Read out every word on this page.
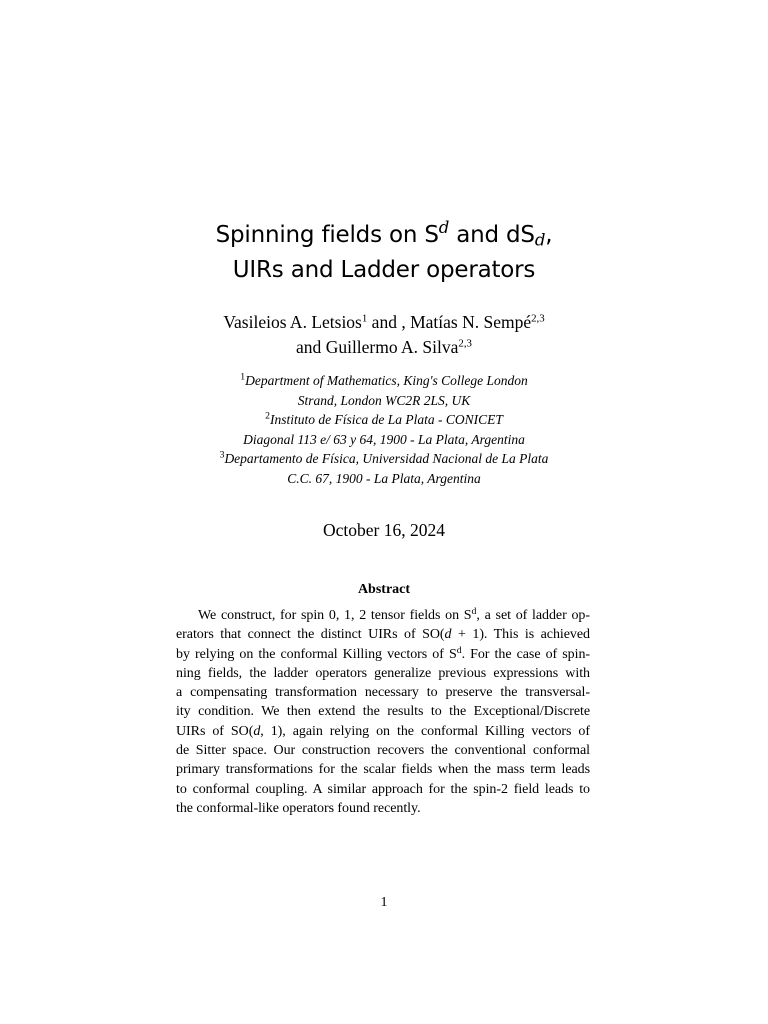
Spinning fields on $S^d$ and $dS_d$,
UIRs and Ladder operators
Vasileios A. Letsios$^1$ and , Matías N. Sempé$^{2,3}$
and Guillermo A. Silva$^{2,3}$
$^1$Department of Mathematics, King's College London
Strand, London WC2R 2LS, UK
$^2$Instituto de Física de La Plata - CONICET
Diagonal 113 e/ 63 y 64, 1900 - La Plata, Argentina
$^3$Departamento de Física, Universidad Nacional de La Plata
C.C. 67, 1900 - La Plata, Argentina
October 16, 2024
Abstract
We construct, for spin 0, 1, 2 tensor fields on $S^d$, a set of ladder op-
erators that connect the distinct UIRs of SO(d + 1). This is achieved
by relying on the conformal Killing vectors of $S^d$. For the case of spin-
ning fields, the ladder operators generalize previous expressions with
a compensating transformation necessary to preserve the transversal-
ity condition. We then extend the results to the Exceptional/Discrete
UIRs of SO(d, 1), again relying on the conformal Killing vectors of
de Sitter space. Our construction recovers the conventional conformal
primary transformations for the scalar fields when the mass term leads
to conformal coupling. A similar approach for the spin-2 field leads to
the conformal-like operators found recently.
1
